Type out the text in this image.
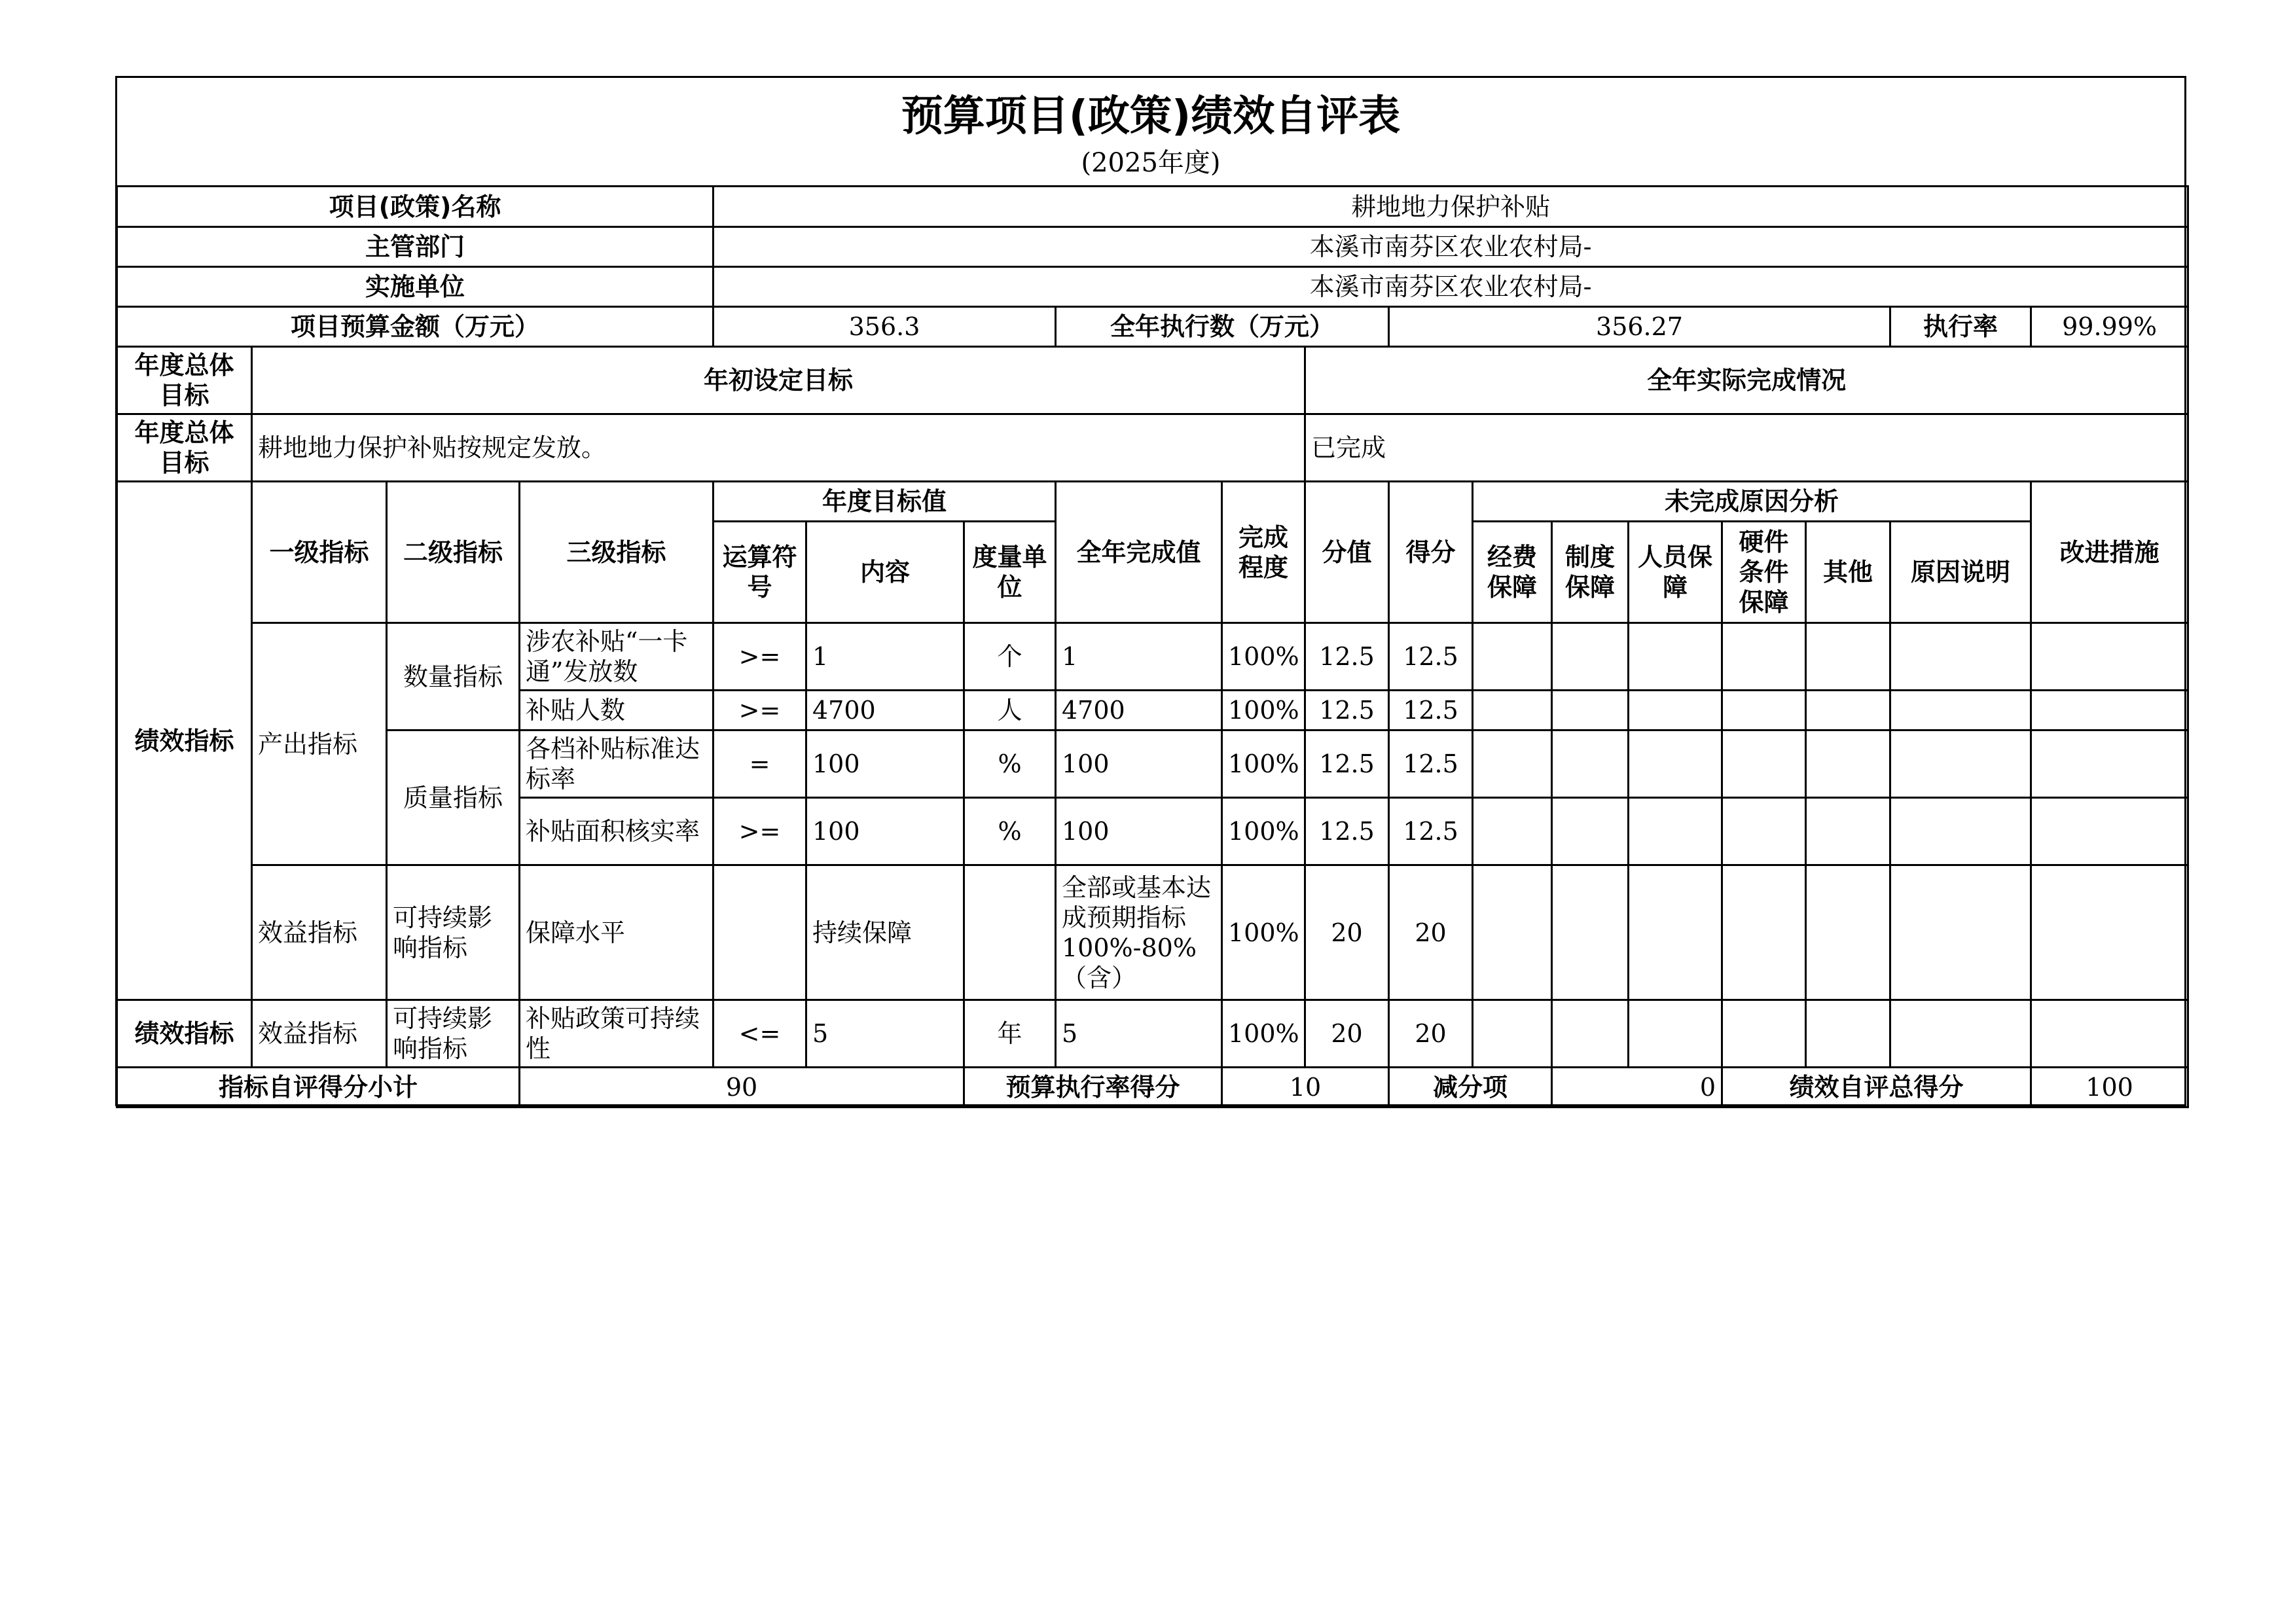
预算项目(政策)绩效自评表
(2025年度)
项目(政策)名称				耕地地力保护补贴													
主管部门				本溪市南芬区农业农村局-													
实施单位				本溪市南芬区农业农村局-													
项目预算金额（万元）				356.3			全年执行数（万元）			356.27						执行率	99.99%
年度总体目标	年初设定目标								全年实际完成情况								
年度总体目标	耕地地力保护补贴按规定发放。								已完成								
绩效指标	一级指标	二级指标	三级指标	年度目标值			全年完成值	完成程度	分值	得分	未完成原因分析						改进措施
				运算符号	内容	度量单位					经费保障	制度保障	人员保障	硬件条件保障	其他	原因说明	
	产出指标	数量指标	涉农补贴“一卡通”发放数	>=	1	个	1	100%	12.5	12.5							
			补贴人数	>=	4700	人	4700	100%	12.5	12.5							
		质量指标	各档补贴标准达标率	=	100	%	100	100%	12.5	12.5							
			补贴面积核实率	>=	100	%	100	100%	12.5	12.5							
	效益指标	可持续影响指标	保障水平		持续保障		全部或基本达成预期指标100%-80%（含）	100%	20	20							
绩效指标	效益指标	可持续影响指标	补贴政策可持续性	<=	5	年	5	100%	20	20							
指标自评得分小计			90			预算执行率得分		10		减分项		0		绩效自评总得分			100
